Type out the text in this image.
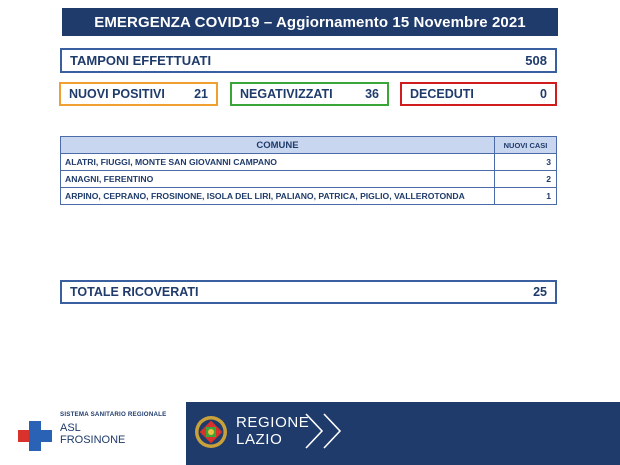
EMERGENZA COVID19 – Aggiornamento 15 Novembre 2021
TAMPONI EFFETTUATI	508
NUOVI POSITIVI 21	NEGATIVIZZATI	36 DECEDUTI	0
COMUNE	NUOVI CASI
ALATRI, FIUGGI, MONTE SAN GIOVANNI CAMPANO	3
ANAGNI, FERENTINO	2
ARPINO, CEPRANO, FROSINONE, ISOLA DEL LIRI, PALIANO, PATRICA, PIGLIO, VALLEROTONDA	1
TOTALE RICOVERATI	25
SISTEMA SANITARIO REGIONALE
ASL
FROSINONE
REGIONE
LAZIO
